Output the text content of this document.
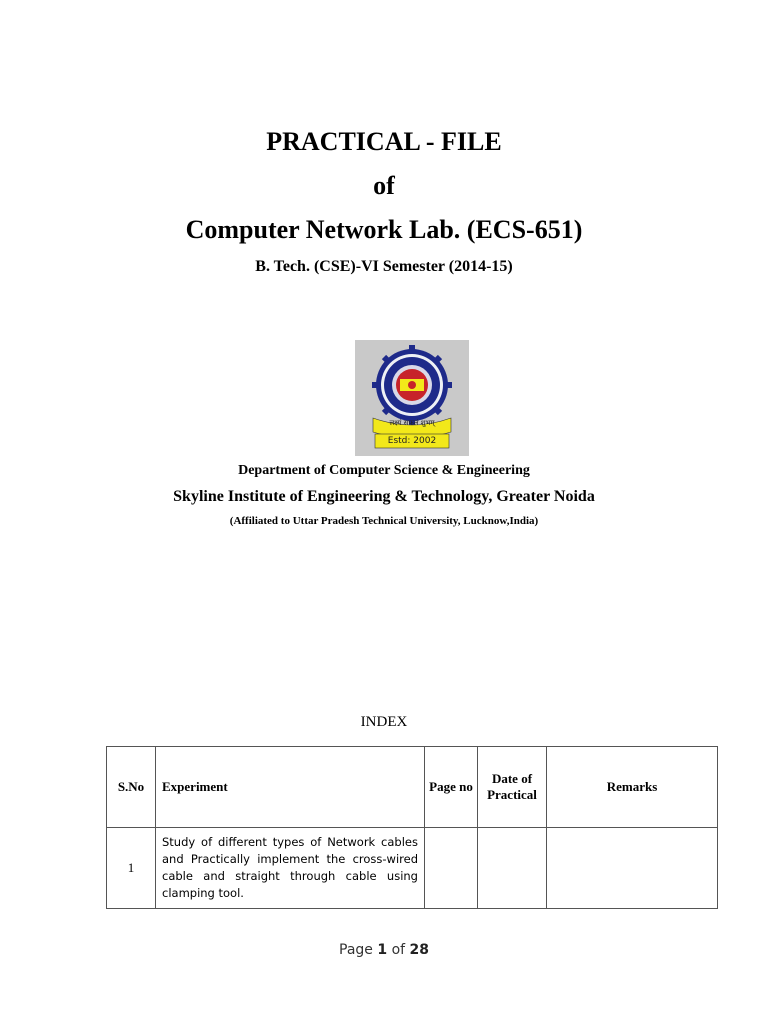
PRACTICAL - FILE
of
Computer Network Lab. (ECS-651)
B. Tech. (CSE)-VI Semester (2014-15)
लक्ष्यं सफलं शुभम्
Estd: 2002
Department of Computer Science & Engineering
Skyline Institute of Engineering & Technology, Greater Noida
(Affiliated to Uttar Pradesh Technical University, Lucknow,India)
INDEX
S.No	Experiment	Page no	Date of Practical	Remarks
1	Study of different types of Network cables and Practically implement the cross-wired cable and straight through cable using clamping tool.			

Page 1 of 28
